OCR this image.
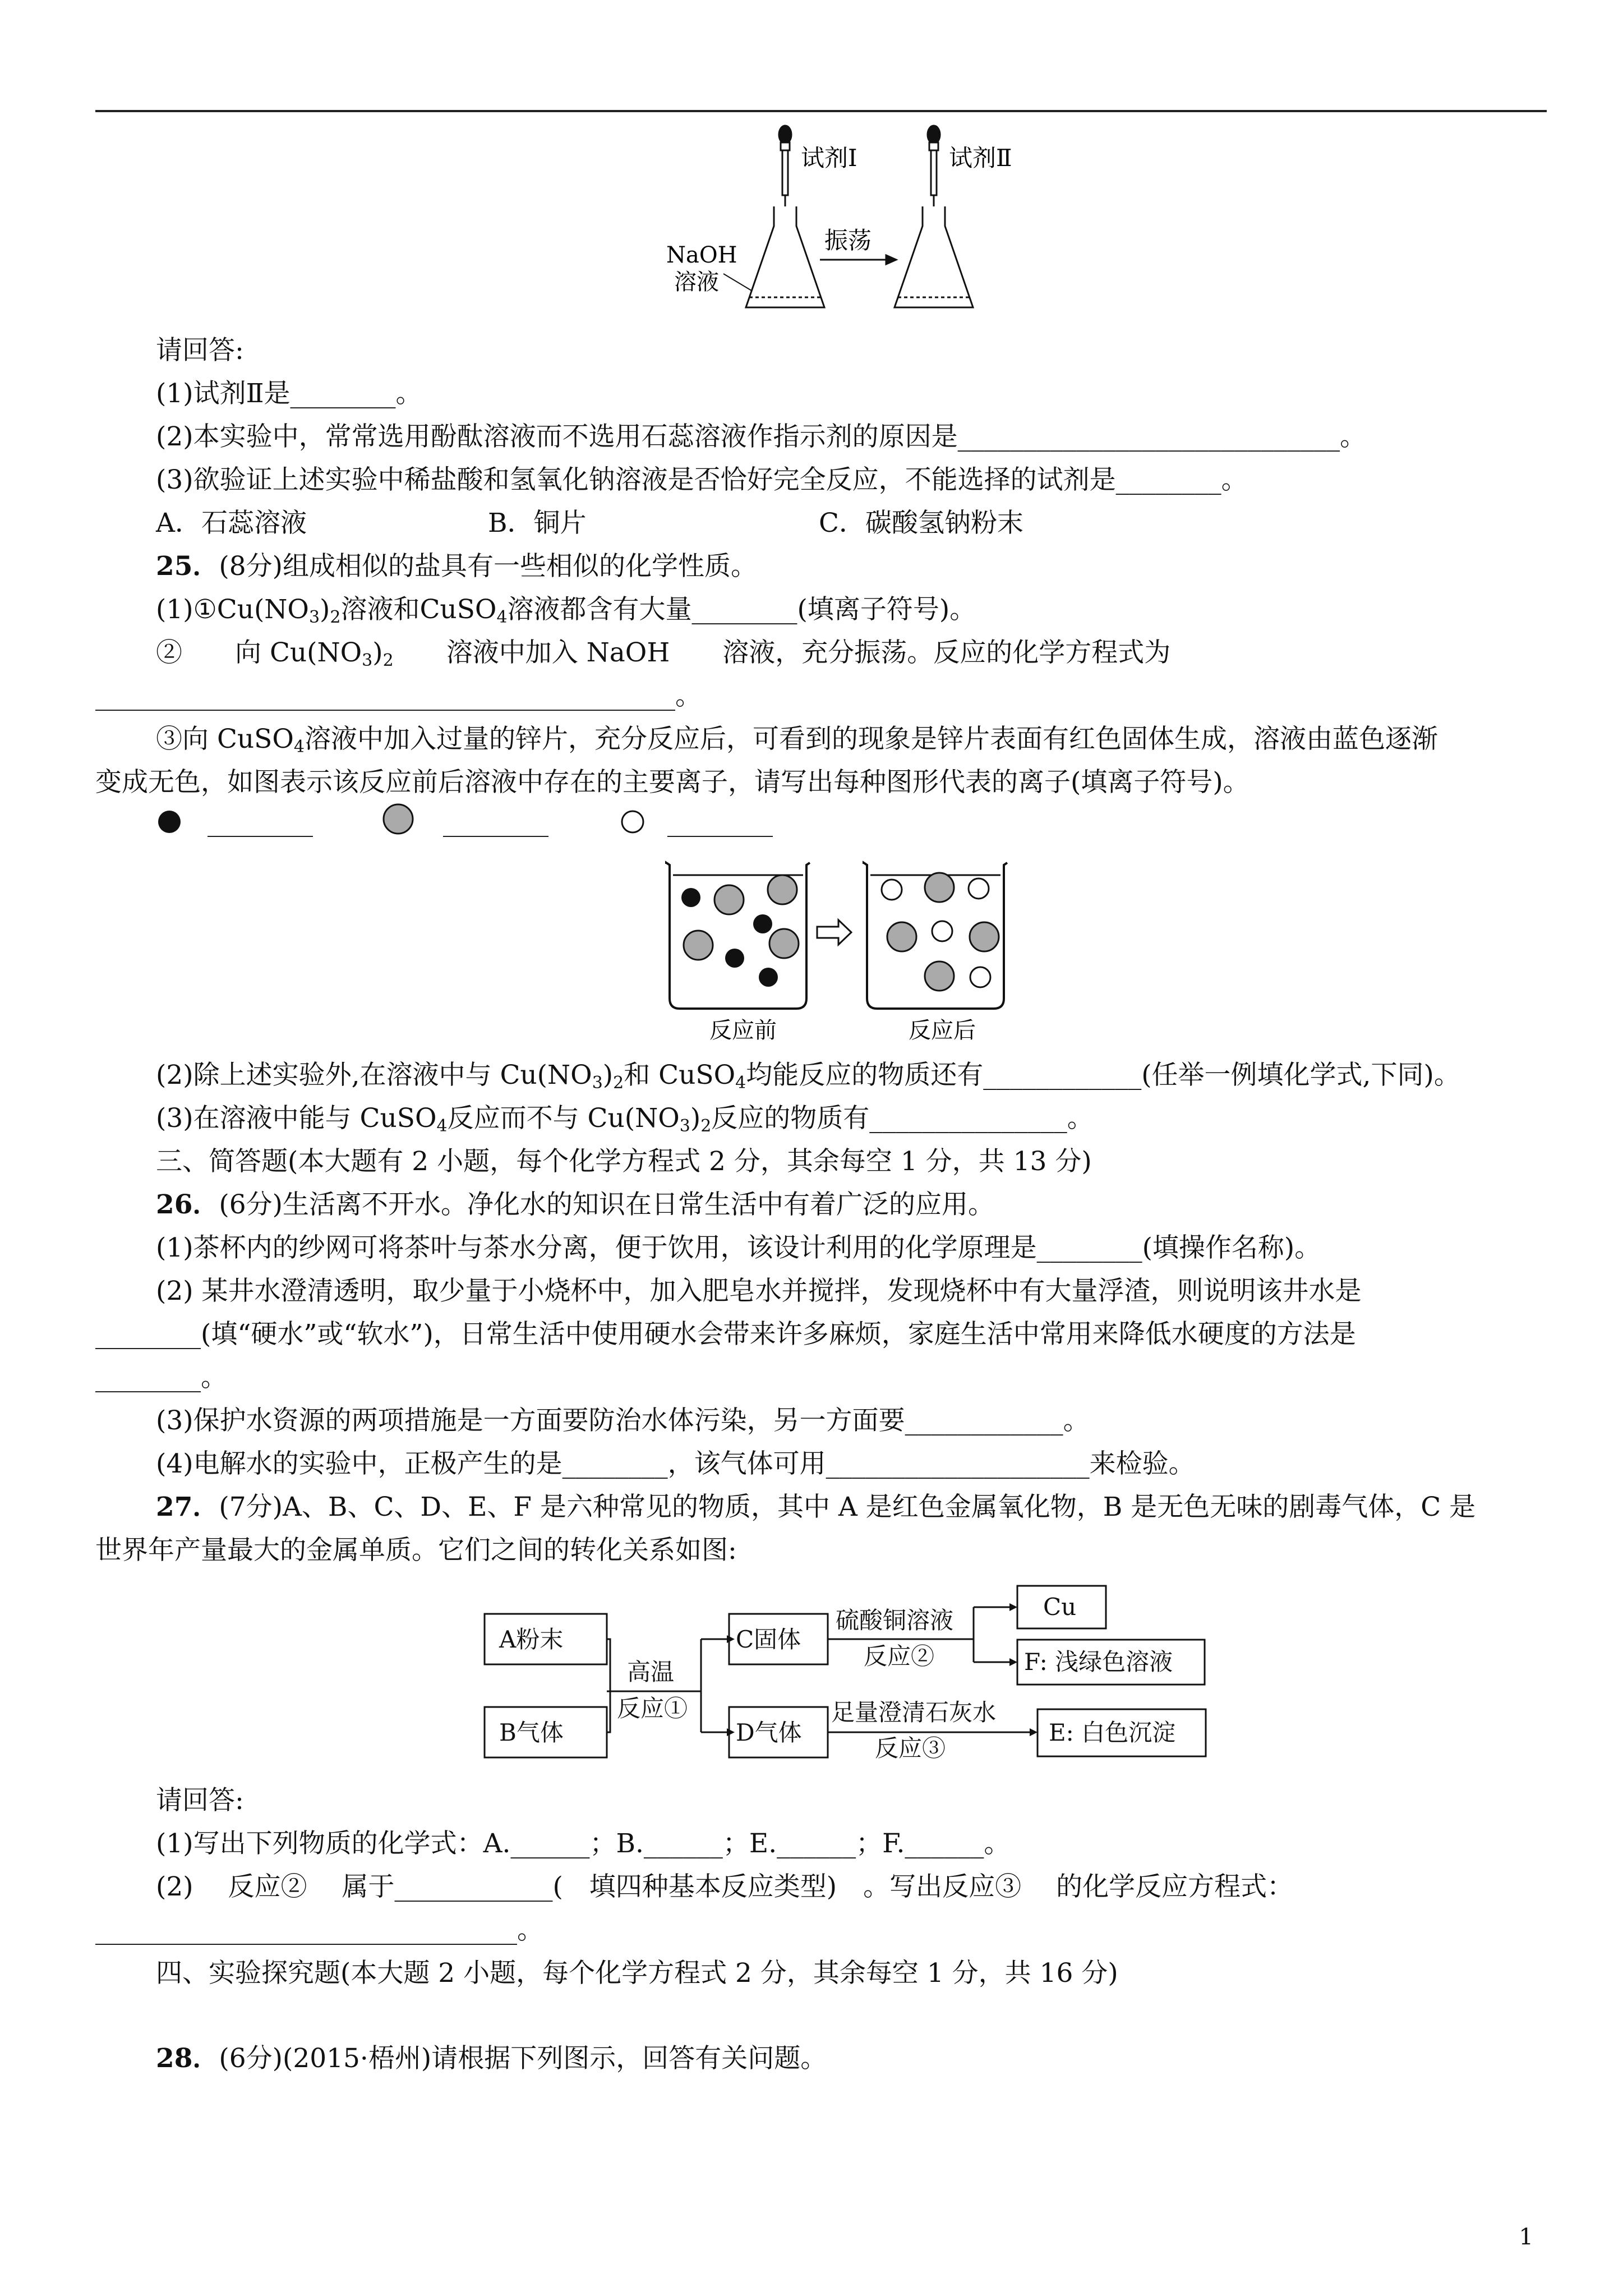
试剂Ⅰ
NaOH
溶液
振荡
试剂Ⅱ
请回答:
(1)试剂Ⅱ是________。
(2)本实验中，常常选用酚酞溶液而不选用石蕊溶液作指示剂的原因是_____________________________。
(3)欲验证上述实验中稀盐酸和氢氧化钠溶液是否恰好完全反应，不能选择的试剂是________。
A．石蕊溶液	B．铜片	C．碳酸氢钠粉末
25．(8分)组成相似的盐具有一些相似的化学性质。
$(1)①Cu(NO_3)_2$溶液和CuSO$_4$溶液都含有大量________(填离子符号)。
②　　向 $Cu(NO_3)_2$　　溶液中加入 NaOH　　溶液，充分振荡。反应的化学方程式为
____________________________________________。
③向 CuSO$_4$溶液中加入过量的锌片，充分反应后，可看到的现象是锌片表面有红色固体生成，溶液由蓝色逐渐
变成无色，如图表示该反应前后溶液中存在的主要离子，请写出每种图形代表的离子(填离子符号)。
________	________	________
反应前	反应后
(2)除上述实验外,在溶液中与 $Cu(NO_3)_2$和 CuSO$_4$均能反应的物质还有____________(任举一例填化学式,下同)。
(3)在溶液中能与 CuSO$_4$反应而不与 $Cu(NO_3)_2$反应的物质有_______________。
三、简答题(本大题有 2 小题，每个化学方程式 2 分，其余每空 1 分，共 13 分)
26．(6分)生活离不开水。净化水的知识在日常生活中有着广泛的应用。
(1)茶杯内的纱网可将茶叶与茶水分离，便于饮用，该设计利用的化学原理是________(填操作名称)。
(2) 某井水澄清透明，取少量于小烧杯中，加入肥皂水并搅拌，发现烧杯中有大量浮渣，则说明该井水是
________(填“硬水”或“软水”)，日常生活中使用硬水会带来许多麻烦，家庭生活中常用来降低水硬度的方法是
________。
(3)保护水资源的两项措施是一方面要防治水体污染，另一方面要____________。
(4)电解水的实验中，正极产生的是________，该气体可用____________________来检验。
27．(7分)A、B、C、D、E、F 是六种常见的物质，其中 A 是红色金属氧化物，B 是无色无味的剧毒气体，C 是
世界年产量最大的金属单质。它们之间的转化关系如图:
A粉末
B气体
高温
反应①
C固体
D气体
硫酸铜溶液
反应②
足量澄清石灰水
反应③
Cu
F: 浅绿色溶液
E: 白色沉淀
请回答:
(1)写出下列物质的化学式：A.______；B.______；E.______；F.______。
(2)　 反应②　 属于____________(　填四种基本反应类型)　。写出反应③　 的化学反应方程式：
________________________________。
四、实验探究题(本大题 2 小题，每个化学方程式 2 分，其余每空 1 分，共 16 分)
28．(6分)(2015·梧州)请根据下列图示，回答有关问题。
1
